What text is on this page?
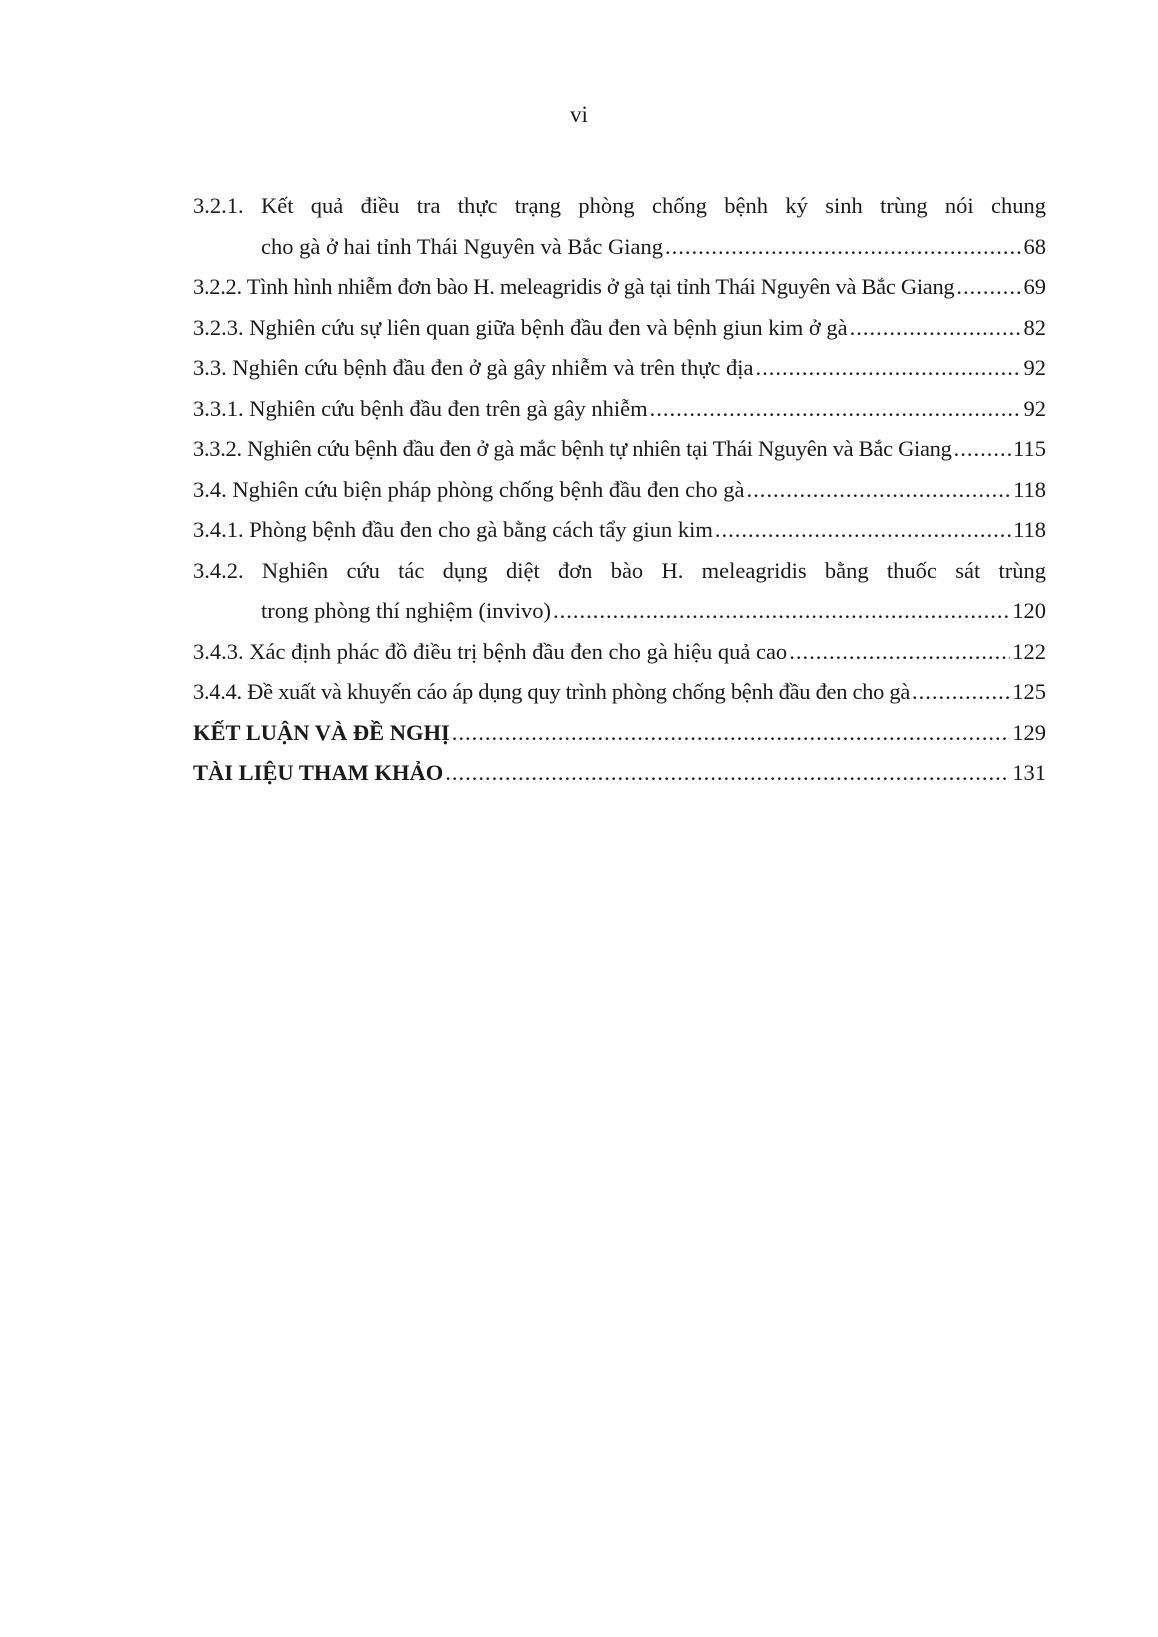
vi
3.2.1. Kết quả điều tra thực trạng phòng chống bệnh ký sinh trùng nói chung
cho gà ở hai tỉnh Thái Nguyên và Bắc Giang .....	68
3.2.2. Tình hình nhiễm đơn bào H. meleagridis ở gà tại tỉnh Thái Nguyên và Bắc Giang .....	69
3.2.3. Nghiên cứu sự liên quan giữa bệnh đầu đen và bệnh giun kim ở gà .....	82
3.3. Nghiên cứu bệnh đầu đen ở gà gây nhiễm và trên thực địa .....	92
3.3.1. Nghiên cứu bệnh đầu đen trên gà gây nhiễm .....	92
3.3.2. Nghiên cứu bệnh đầu đen ở gà mắc bệnh tự nhiên tại Thái Nguyên và Bắc Giang .....	115
3.4. Nghiên cứu biện pháp phòng chống bệnh đầu đen cho gà .....	118
3.4.1. Phòng bệnh đầu đen cho gà bằng cách tẩy giun kim .....	118
3.4.2. Nghiên cứu tác dụng diệt đơn bào H. meleagridis bằng thuốc sát trùng
trong phòng thí nghiệm (invivo) .....	120
3.4.3. Xác định phác đồ điều trị bệnh đầu đen cho gà hiệu quả cao .....	122
3.4.4. Đề xuất và khuyến cáo áp dụng quy trình phòng chống bệnh đầu đen cho gà .....	125
KẾT LUẬN VÀ ĐỀ NGHỊ .....	129
TÀI LIỆU THAM KHẢO .....	131
